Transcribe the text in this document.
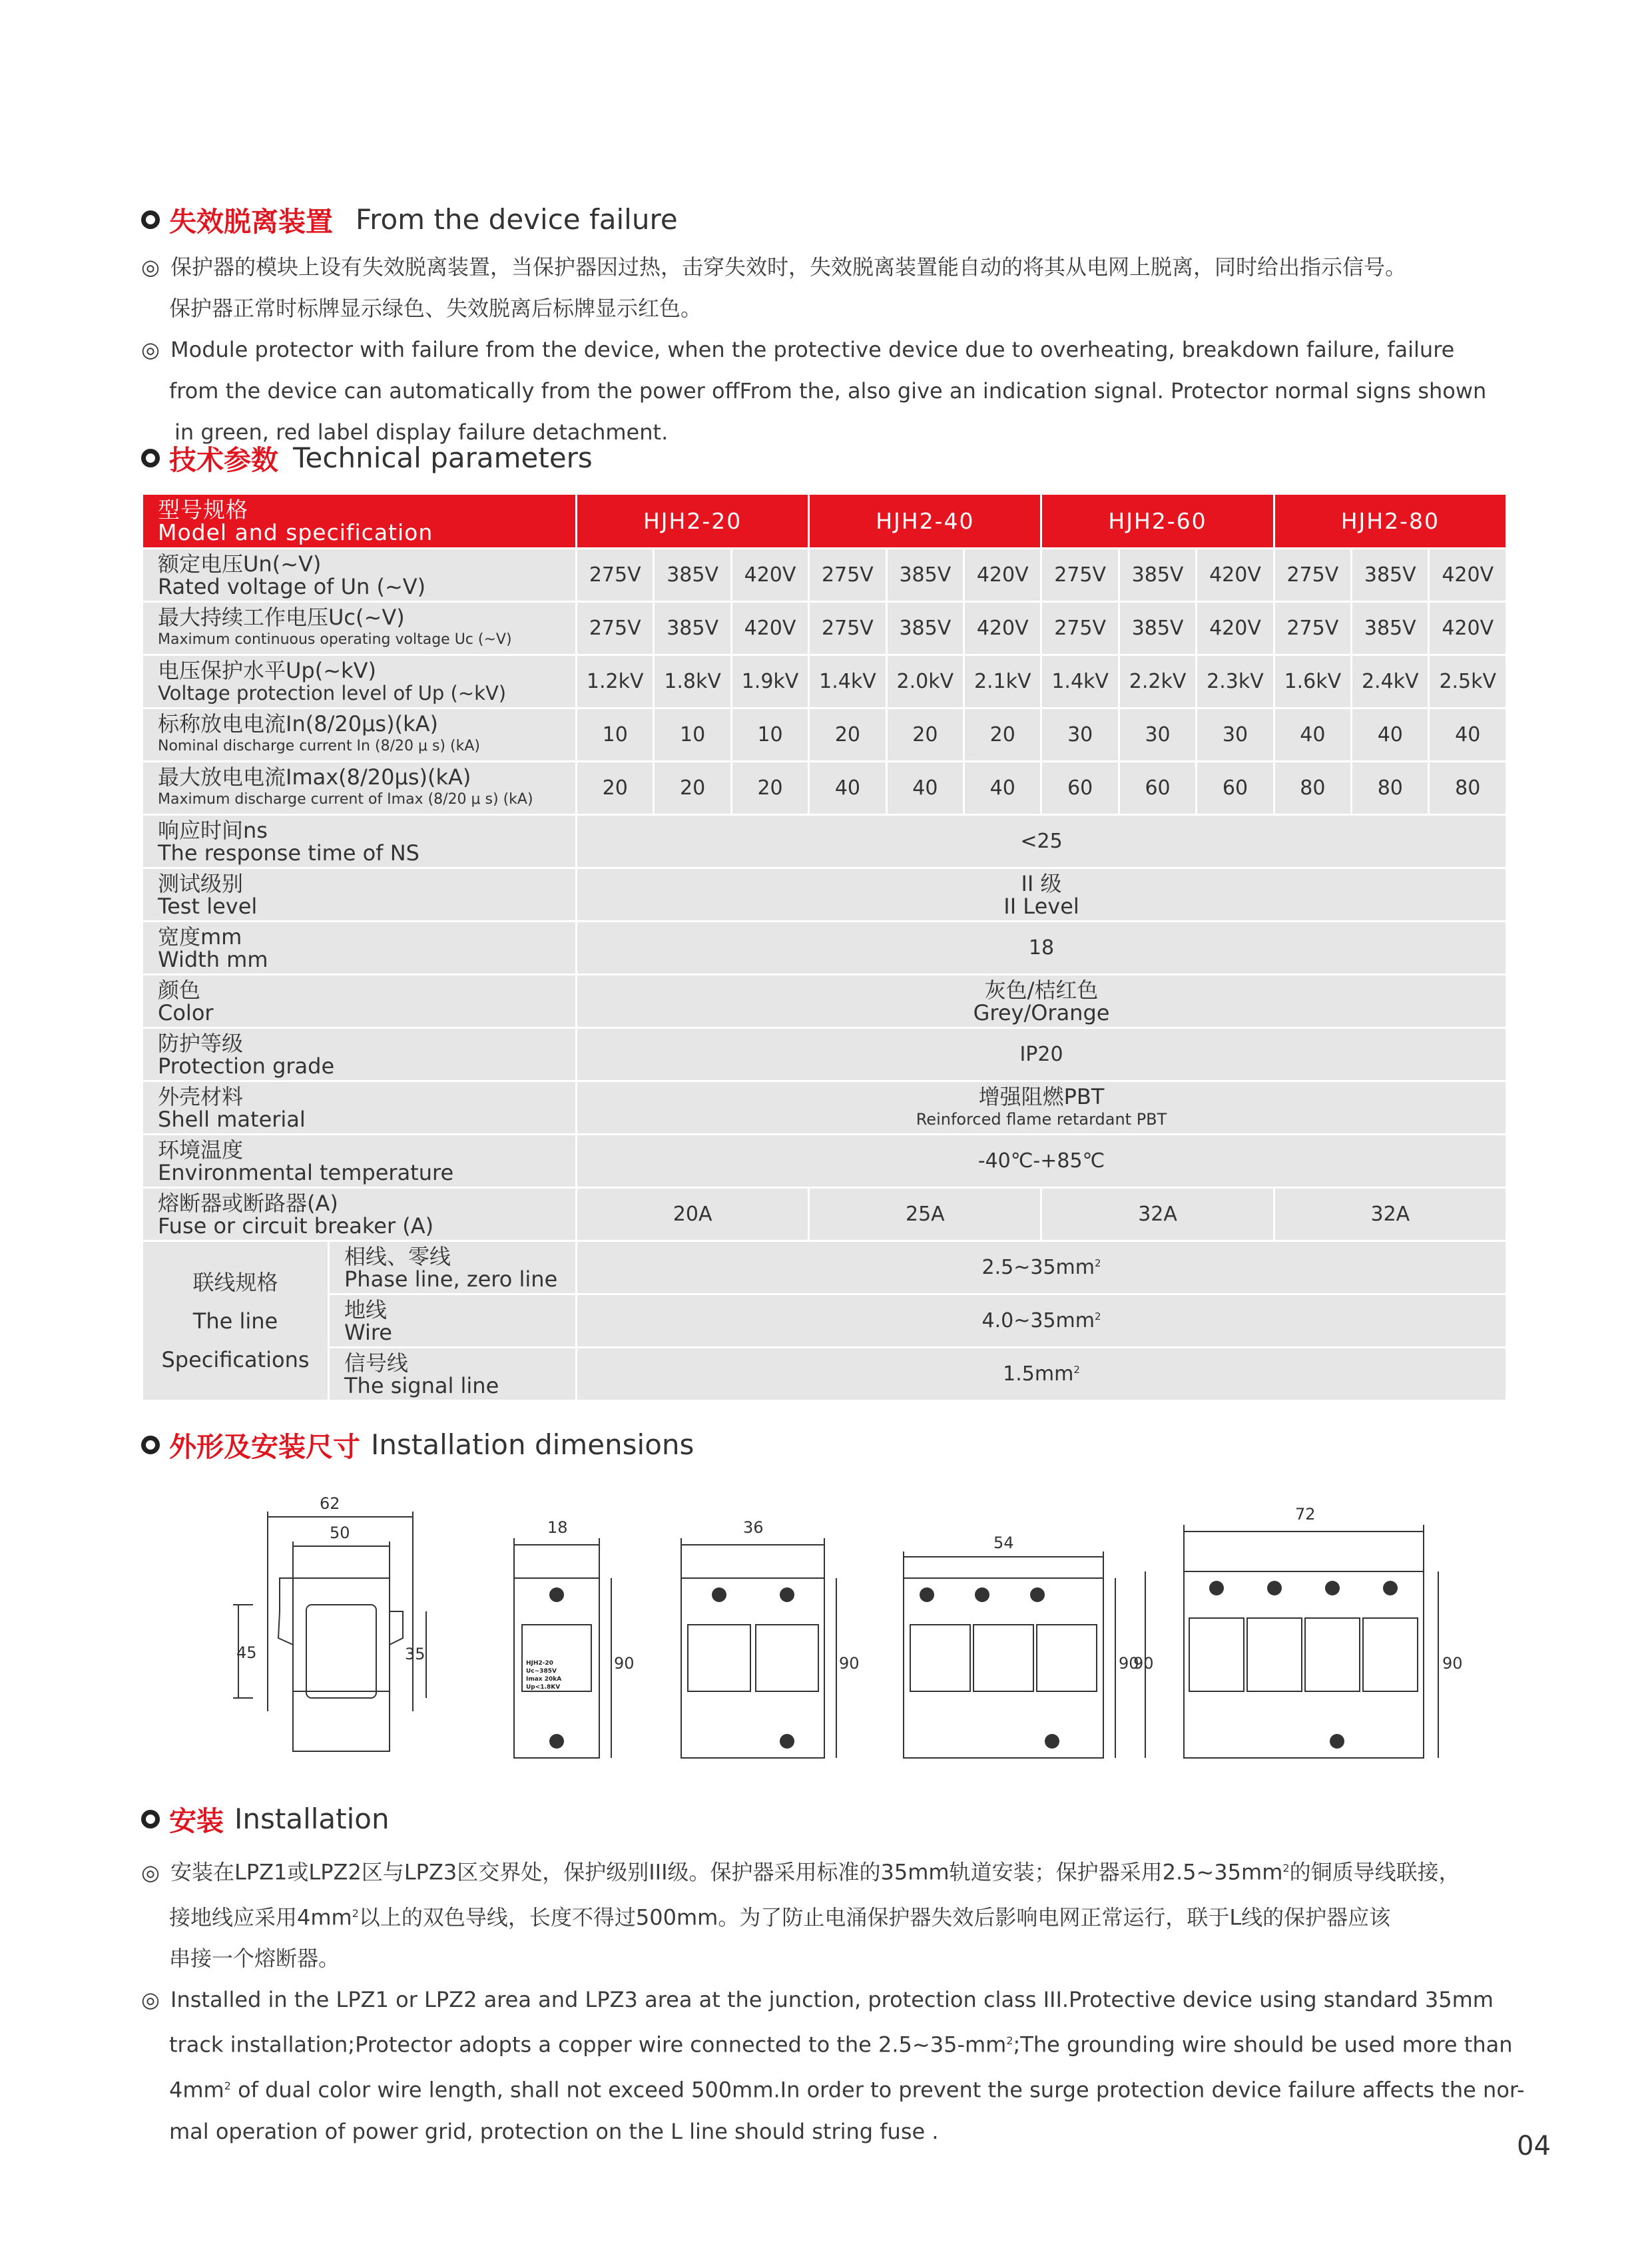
失效脱离装置 From the device failure
◎ 保护器的模块上设有失效脱离装置，当保护器因过热，击穿失效时，失效脱离装置能自动的将其从电网上脱离，同时给出指示信号。
保护器正常时标牌显示绿色、失效脱离后标牌显示红色。
◎ Module protector with failure from the device, when the protective device due to overheating, breakdown failure, failure
from the device can automatically from the power offFrom the, also give an indication signal. Protector normal signs shown
in green, red label display failure detachment.
技术参数 Technical parameters
型号规格
Model and specification		HJH2-20			HJH2-40			HJH2-60			HJH2-80		

额定电压Un(~V)
Rated voltage of Un (~V)		275V	385V	420V	275V	385V	420V	275V	385V	420V	275V	385V	420V

最大持续工作电压Uc(~V)
Maximum continuous operating voltage Uc (~V)		275V	385V	420V	275V	385V	420V	275V	385V	420V	275V	385V	420V

电压保护水平Up(~kV)
Voltage protection level of Up (~kV)		1.2kV	1.8kV	1.9kV	1.4kV	2.0kV	2.1kV	1.4kV	2.2kV	2.3kV	1.6kV	2.4kV	2.5kV

标称放电电流In(8/20μs)(kA)
Nominal discharge current In (8/20 μ s) (kA)		10	10	10	20	20	20	30	30	30	40	40	40

最大放电电流Imax(8/20μs)(kA)
Maximum discharge current of Imax (8/20 μ s) (kA)		20	20	20	40	40	40	60	60	60	80	80	80

响应时间ns
The response time of NS		<25											

测试级别
Test level		II 级
II Level											

宽度mm
Width mm		18											

颜色
Color		灰色/桔红色
Grey/Orange											

防护等级
Protection grade		IP20											

外壳材料
Shell material		增强阻燃PBT
Reinforced flame retardant PBT											

环境温度
Environmental temperature		-40℃-+85℃											

熔断器或断路器(A)
Fuse or circuit breaker (A)		20A			25A			32A			32A		

联线规格
The line
Specifications	相线、零线
Phase line, zero line	$2.5\sim 35mm^2$

	地线
Wire	$4.0\sim 35mm^2$

	信号线
The signal line	$1.5mm^2$
外形及安装尺寸 Installation dimensions
HJH2-20
Uc~385V
Imax 20kA
Up<1.8KV
62
50
45	35
18
90
36
90
54
90
72
90	90
安装 Installation
◎ 安装在LPZ1或LPZ2区与LPZ3区交界处，保护级别III级。保护器采用标准的35mm轨道安装；保护器采用$2.5\sim 35mm^2$的铜质导线联接，
接地线应采用$4mm^2$以上的双色导线，长度不得过500mm。为了防止电涌保护器失效后影响电网正常运行，联于L线的保护器应该
串接一个熔断器。
◎ Installed in the LPZ1 or LPZ2 area and LPZ3 area at the junction, protection class III.Protective device using standard 35mm
track installation;Protector adopts a copper wire connected to the $2.5\sim 35-mm^2;The$ grounding wire should be used more than
$4mm^2$ of dual color wire length, shall not exceed 500mm.In order to prevent the surge protection device failure affects the nor-
mal operation of power grid, protection on the L line should string fuse .	04
